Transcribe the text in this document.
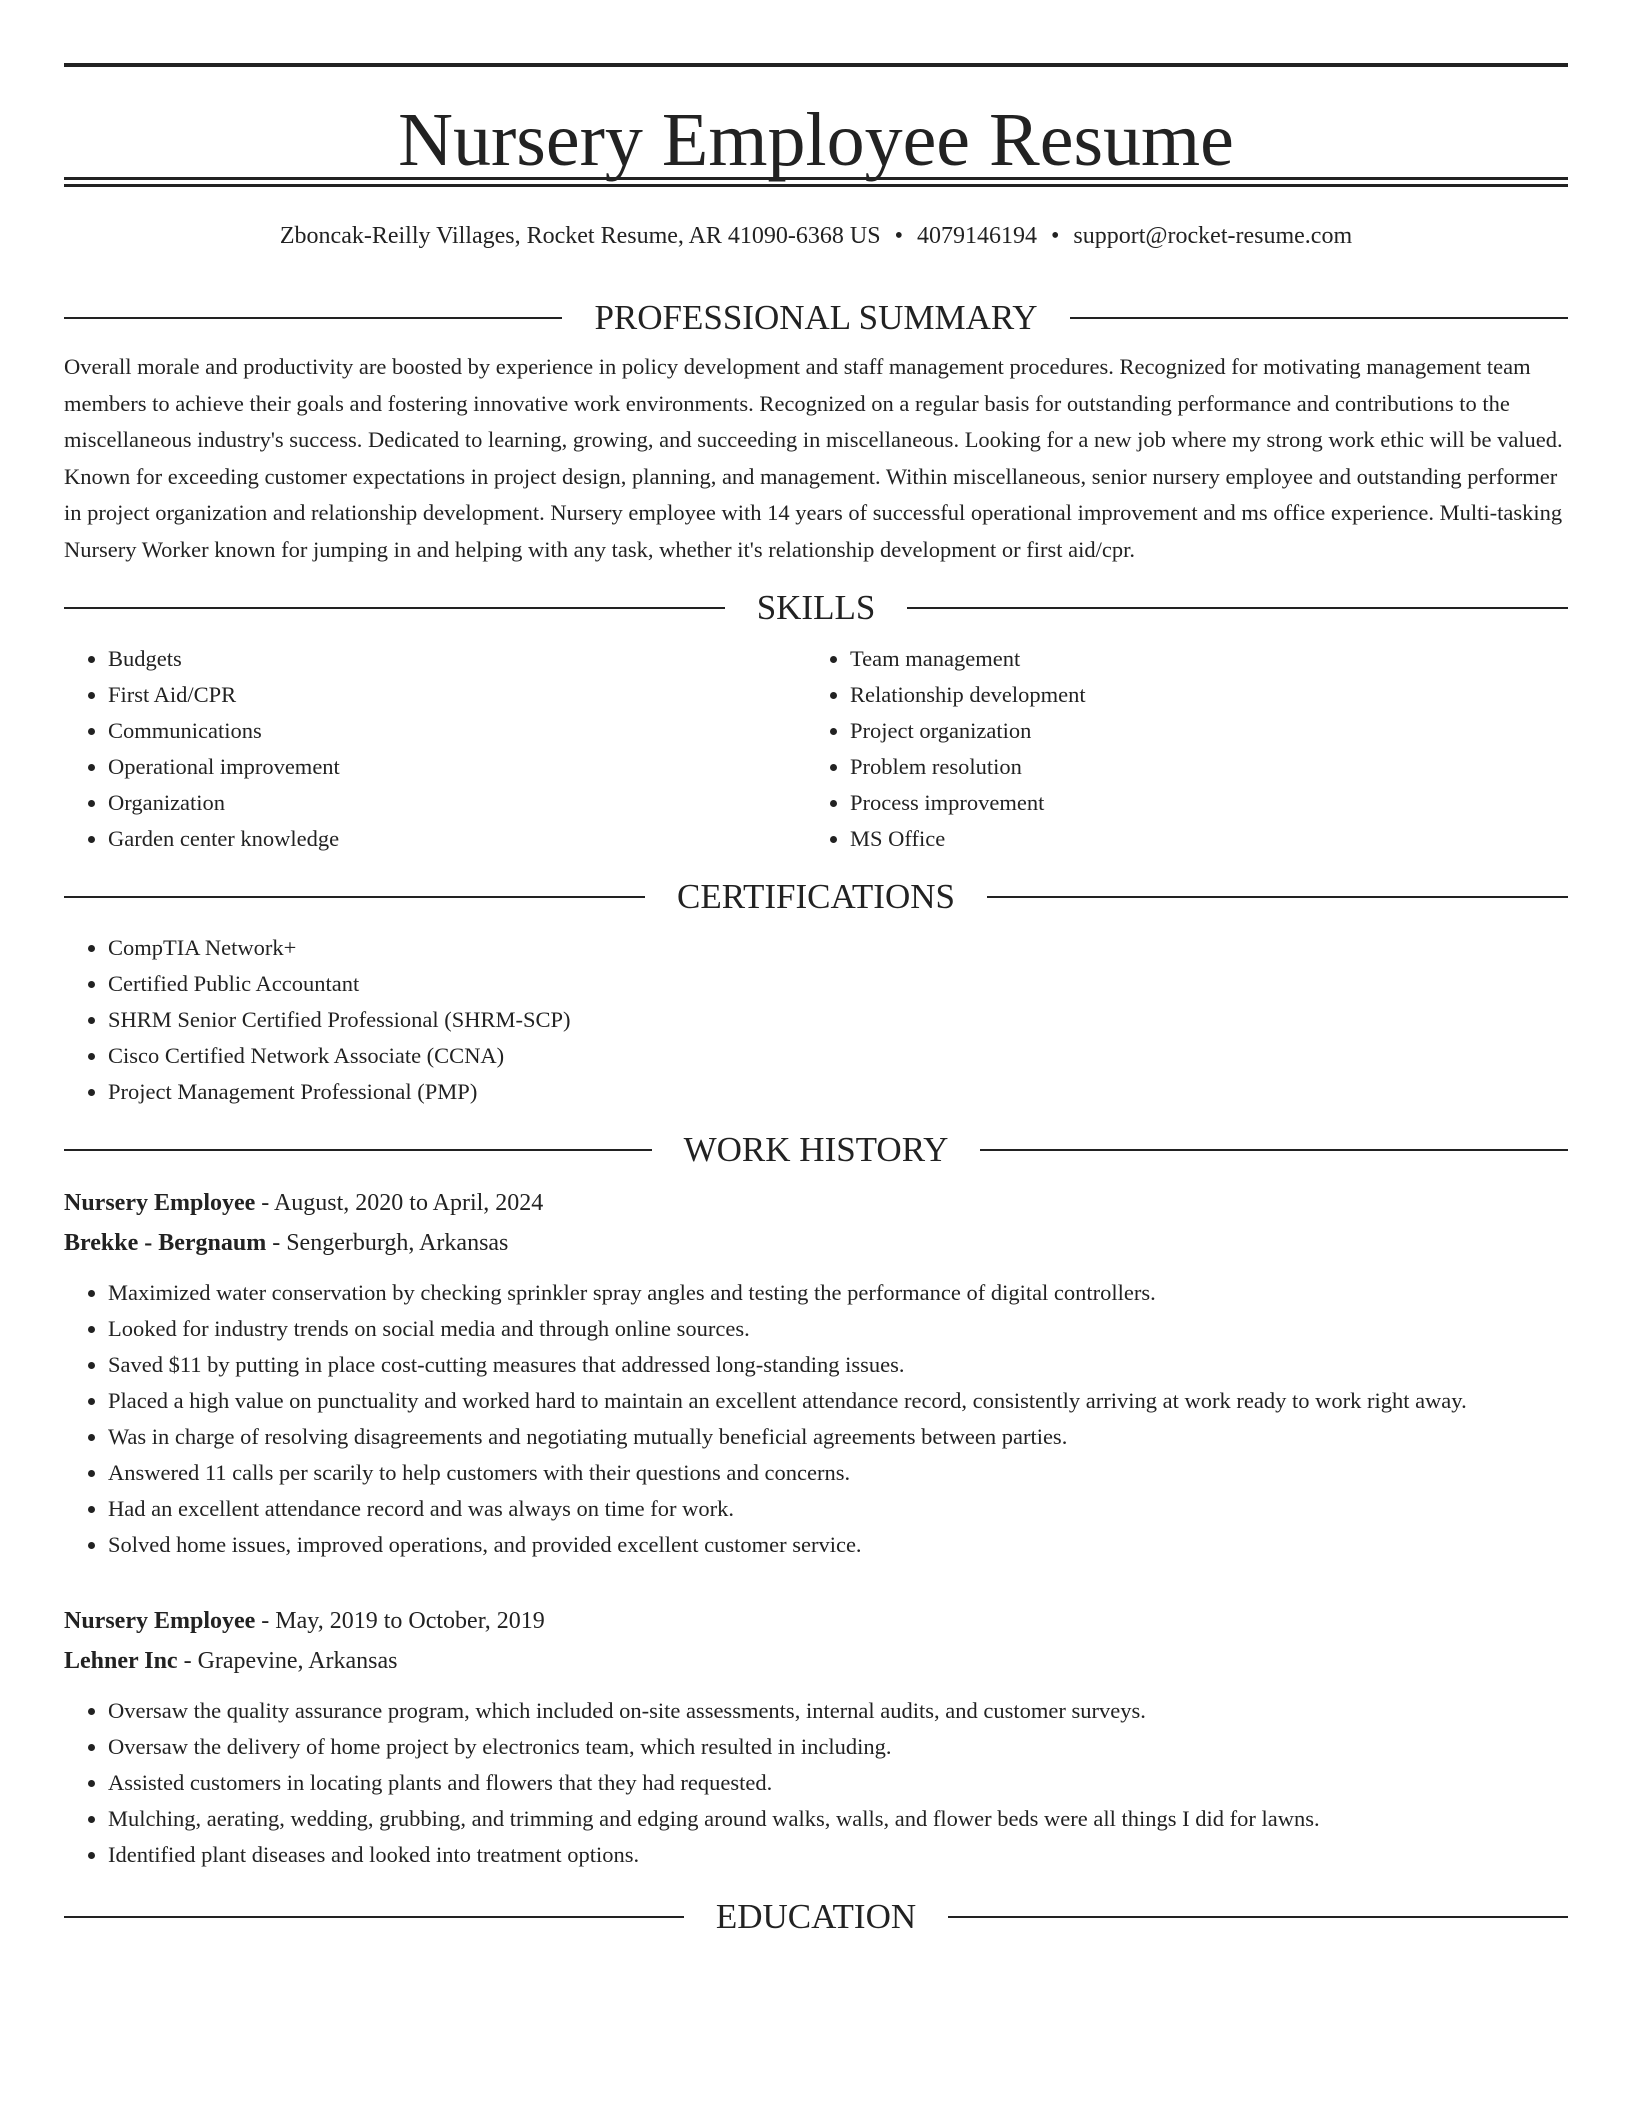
Nursery Employee Resume
Zboncak-Reilly Villages, Rocket Resume, AR 41090-6368 US • 4079146194 • support@rocket-resume.com
PROFESSIONAL SUMMARY
Overall morale and productivity are boosted by experience in policy development and staff management procedures. Recognized for motivating management team members to achieve their goals and fostering innovative work environments. Recognized on a regular basis for outstanding performance and contributions to the miscellaneous industry's success. Dedicated to learning, growing, and succeeding in miscellaneous. Looking for a new job where my strong work ethic will be valued. Known for exceeding customer expectations in project design, planning, and management. Within miscellaneous, senior nursery employee and outstanding performer in project organization and relationship development. Nursery employee with 14 years of successful operational improvement and ms office experience. Multi-tasking Nursery Worker known for jumping in and helping with any task, whether it's relationship development or first aid/cpr.
SKILLS
• Budgets
• First Aid/CPR
• Communications
• Operational improvement
• Organization
• Garden center knowledge
• Team management
• Relationship development
• Project organization
• Problem resolution
• Process improvement
• MS Office
CERTIFICATIONS
• CompTIA Network+
• Certified Public Accountant
• SHRM Senior Certified Professional (SHRM-SCP)
• Cisco Certified Network Associate (CCNA)
• Project Management Professional (PMP)
WORK HISTORY
Nursery Employee - August, 2020 to April, 2024
Brekke - Bergnaum - Sengerburgh, Arkansas
• Maximized water conservation by checking sprinkler spray angles and testing the performance of digital controllers.
• Looked for industry trends on social media and through online sources.
• Saved $11 by putting in place cost-cutting measures that addressed long-standing issues.
• Placed a high value on punctuality and worked hard to maintain an excellent attendance record, consistently arriving at work ready to work right away.
• Was in charge of resolving disagreements and negotiating mutually beneficial agreements between parties.
• Answered 11 calls per scarily to help customers with their questions and concerns.
• Had an excellent attendance record and was always on time for work.
• Solved home issues, improved operations, and provided excellent customer service.
Nursery Employee - May, 2019 to October, 2019
Lehner Inc - Grapevine, Arkansas
• Oversaw the quality assurance program, which included on-site assessments, internal audits, and customer surveys.
• Oversaw the delivery of home project by electronics team, which resulted in including.
• Assisted customers in locating plants and flowers that they had requested.
• Mulching, aerating, wedding, grubbing, and trimming and edging around walks, walls, and flower beds were all things I did for lawns.
• Identified plant diseases and looked into treatment options.
EDUCATION
